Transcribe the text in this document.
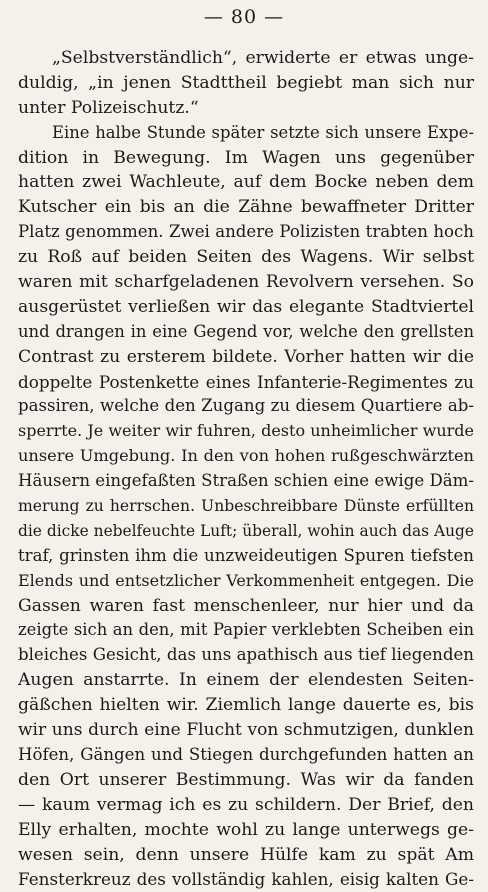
— 80 —
„Selbstverständlich“, erwiderte er etwas unge-
duldig, „in jenen Stadttheil begiebt man sich nur
unter Polizeischutz.“
Eine halbe Stunde später setzte sich unsere Expe-
dition in Bewegung. Im Wagen uns gegenüber
hatten zwei Wachleute, auf dem Bocke neben dem
Kutscher ein bis an die Zähne bewaffneter Dritter
Platz genommen. Zwei andere Polizisten trabten hoch
zu Roß auf beiden Seiten des Wagens. Wir selbst
waren mit scharfgeladenen Revolvern versehen. So
ausgerüstet verließen wir das elegante Stadtviertel
und drangen in eine Gegend vor, welche den grellsten
Contrast zu ersterem bildete. Vorher hatten wir die
doppelte Postenkette eines Infanterie-Regimentes zu
passiren, welche den Zugang zu diesem Quartiere ab-
sperrte. Je weiter wir fuhren, desto unheimlicher wurde
unsere Umgebung. In den von hohen rußgeschwärzten
Häusern eingefaßten Straßen schien eine ewige Däm-
merung zu herrschen. Unbeschreibbare Dünste erfüllten
die dicke nebelfeuchte Luft; überall, wohin auch das Auge
traf, grinsten ihm die unzweideutigen Spuren tiefsten
Elends und entsetzlicher Verkommenheit entgegen. Die
Gassen waren fast menschenleer, nur hier und da
zeigte sich an den, mit Papier verklebten Scheiben ein
bleiches Gesicht, das uns apathisch aus tief liegenden
Augen anstarrte. In einem der elendesten Seiten-
gäßchen hielten wir. Ziemlich lange dauerte es, bis
wir uns durch eine Flucht von schmutzigen, dunklen
Höfen, Gängen und Stiegen durchgefunden hatten an
den Ort unserer Bestimmung. Was wir da fanden
— kaum vermag ich es zu schildern. Der Brief, den
Elly erhalten, mochte wohl zu lange unterwegs ge-
wesen sein, denn unsere Hülfe kam zu spät Am
Fensterkreuz des vollständig kahlen, eisig kalten Ge-
